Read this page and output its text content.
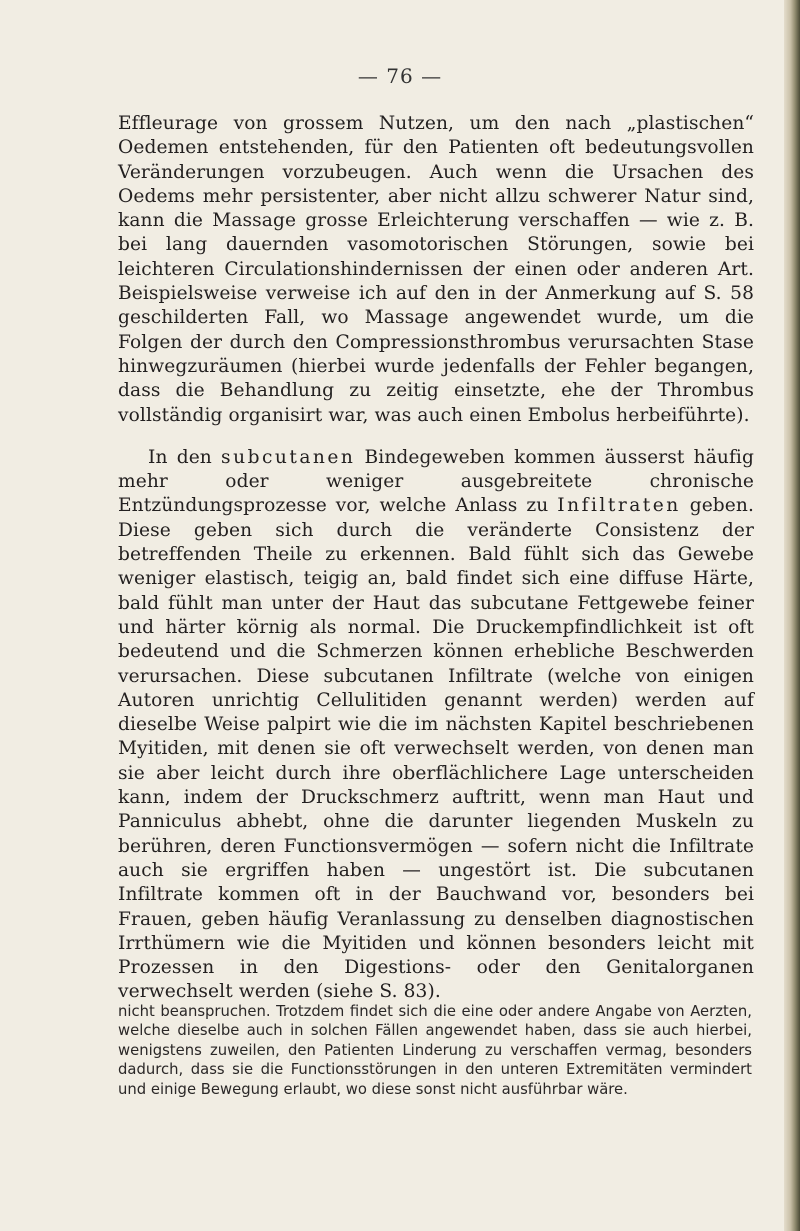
— 76 —

Effleurage von grossem Nutzen, um den nach „plastischen“ Oedemen entstehenden, für den Patienten oft bedeutungsvollen Veränderungen vorzubeugen. Auch wenn die Ursachen des Oedems mehr persistenter, aber nicht allzu schwerer Natur sind, kann die Massage grosse Erleichterung verschaffen — wie z. B. bei lang dauernden vasomotorischen Störungen, sowie bei leichteren Circulationshindernissen der einen oder anderen Art. Beispielsweise verweise ich auf den in der Anmerkung auf S. 58 geschilderten Fall, wo Massage angewendet wurde, um die Folgen der durch den Compressionsthrombus verursachten Stase hinwegzuräumen (hierbei wurde jedenfalls der Fehler begangen, dass die Behandlung zu zeitig einsetzte, ehe der Thrombus vollständig organisirt war, was auch einen Embolus herbeiführte).

In den subcutanen Bindegeweben kommen äusserst häufig mehr oder weniger ausgebreitete chronische Entzündungsprozesse vor, welche Anlass zu Infiltraten geben. Diese geben sich durch die veränderte Consistenz der betreffenden Theile zu erkennen. Bald fühlt sich das Gewebe weniger elastisch, teigig an, bald findet sich eine diffuse Härte, bald fühlt man unter der Haut das subcutane Fettgewebe feiner und härter körnig als normal. Die Druckempfindlichkeit ist oft bedeutend und die Schmerzen können erhebliche Beschwerden verursachen. Diese subcutanen Infiltrate (welche von einigen Autoren unrichtig Cellulitiden genannt werden) werden auf dieselbe Weise palpirt wie die im nächsten Kapitel beschriebenen Myitiden, mit denen sie oft verwechselt werden, von denen man sie aber leicht durch ihre oberflächlichere Lage unterscheiden kann, indem der Druckschmerz auftritt, wenn man Haut und Panniculus abhebt, ohne die darunter liegenden Muskeln zu berühren, deren Functionsvermögen — sofern nicht die Infiltrate auch sie ergriffen haben — ungestört ist. Die subcutanen Infiltrate kommen oft in der Bauchwand vor, besonders bei Frauen, geben häufig Veranlassung zu denselben diagnostischen Irrthümern wie die Myitiden und können besonders leicht mit Prozessen in den Digestions- oder den Genitalorganen verwechselt werden (siehe S. 83).

nicht beanspruchen. Trotzdem findet sich die eine oder andere Angabe von Aerzten, welche dieselbe auch in solchen Fällen angewendet haben, dass sie auch hierbei, wenigstens zuweilen, den Patienten Linderung zu verschaffen vermag, besonders dadurch, dass sie die Functionsstörungen in den unteren Extremitäten vermindert und einige Bewegung erlaubt, wo diese sonst nicht ausführbar wäre.
